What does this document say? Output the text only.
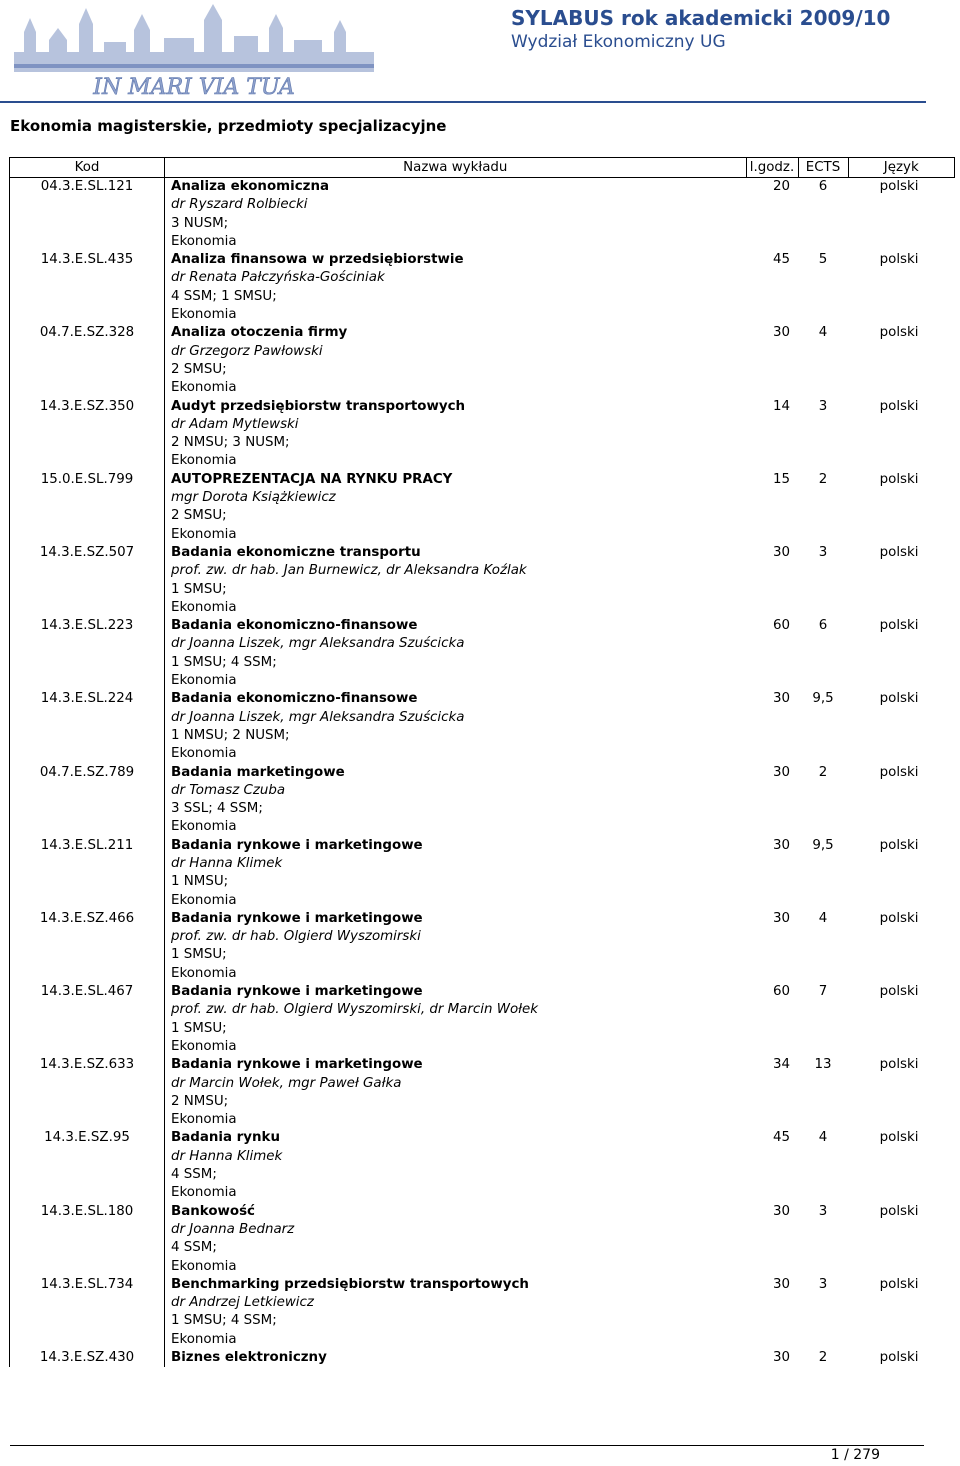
IN MARI VIA TUA
SYLABUS rok akademicki 2009/10
Wydział Ekonomiczny UG
Ekonomia magisterskie, przedmioty specjalizacyjne
Kod	Nazwa wykładu	l.godz.	ECTS	Język
04.3.E.SL.121	Analiza ekonomiczna
dr Ryszard Rolbiecki
3 NUSM;
Ekonomia	20	6	polski
14.3.E.SL.435	Analiza finansowa w przedsiębiorstwie
dr Renata Pałczyńska-Gościniak
4 SSM; 1 SMSU;
Ekonomia	45	5	polski
04.7.E.SZ.328	Analiza otoczenia firmy
dr Grzegorz Pawłowski
2 SMSU;
Ekonomia	30	4	polski
14.3.E.SZ.350	Audyt przedsiębiorstw transportowych
dr Adam Mytlewski
2 NMSU; 3 NUSM;
Ekonomia	14	3	polski
15.0.E.SL.799	AUTOPREZENTACJA NA RYNKU PRACY
mgr Dorota Książkiewicz
2 SMSU;
Ekonomia	15	2	polski
14.3.E.SZ.507	Badania ekonomiczne transportu
prof. zw. dr hab. Jan Burnewicz, dr Aleksandra Koźlak
1 SMSU;
Ekonomia	30	3	polski
14.3.E.SL.223	Badania ekonomiczno-finansowe
dr Joanna Liszek, mgr Aleksandra Szuścicka
1 SMSU; 4 SSM;
Ekonomia	60	6	polski
14.3.E.SL.224	Badania ekonomiczno-finansowe
dr Joanna Liszek, mgr Aleksandra Szuścicka
1 NMSU; 2 NUSM;
Ekonomia	30	9,5	polski
04.7.E.SZ.789	Badania marketingowe
dr Tomasz Czuba
3 SSL; 4 SSM;
Ekonomia	30	2	polski
14.3.E.SL.211	Badania rynkowe i marketingowe
dr Hanna Klimek
1 NMSU;
Ekonomia	30	9,5	polski
14.3.E.SZ.466	Badania rynkowe i marketingowe
prof. zw. dr hab. Olgierd Wyszomirski
1 SMSU;
Ekonomia	30	4	polski
14.3.E.SL.467	Badania rynkowe i marketingowe
prof. zw. dr hab. Olgierd Wyszomirski, dr Marcin Wołek
1 SMSU;
Ekonomia	60	7	polski
14.3.E.SZ.633	Badania rynkowe i marketingowe
dr Marcin Wołek, mgr Paweł Gałka
2 NMSU;
Ekonomia	34	13	polski
14.3.E.SZ.95	Badania rynku
dr Hanna Klimek
4 SSM;
Ekonomia	45	4	polski
14.3.E.SL.180	Bankowość
dr Joanna Bednarz
4 SSM;
Ekonomia	30	3	polski
14.3.E.SL.734	Benchmarking przedsiębiorstw transportowych
dr Andrzej Letkiewicz
1 SMSU; 4 SSM;
Ekonomia	30	3	polski
14.3.E.SZ.430	Biznes elektroniczny	30	2	polski
1 / 279
